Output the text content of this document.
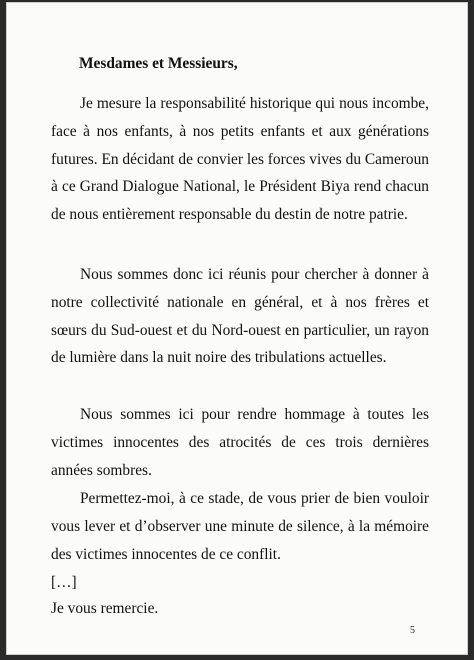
Mesdames et Messieurs,
Je mesure la responsabilité historique qui nous incombe, face à nos enfants, à nos petits enfants et aux générations futures. En décidant de convier les forces vives du Cameroun à ce Grand Dialogue National, le Président Biya rend chacun de nous entièrement responsable du destin de notre patrie.
Nous sommes donc ici réunis pour chercher à donner à notre collectivité nationale en général, et à nos frères et sœurs du Sud-ouest et du Nord-ouest en particulier, un rayon de lumière dans la nuit noire des tribulations actuelles.
Nous sommes ici pour rendre hommage à toutes les victimes innocentes des atrocités de ces trois dernières années sombres.
Permettez-moi, à ce stade, de vous prier de bien vouloir vous lever et d’observer une minute de silence, à la mémoire des victimes innocentes de ce conflit.
[…]
Je vous remercie.
5
